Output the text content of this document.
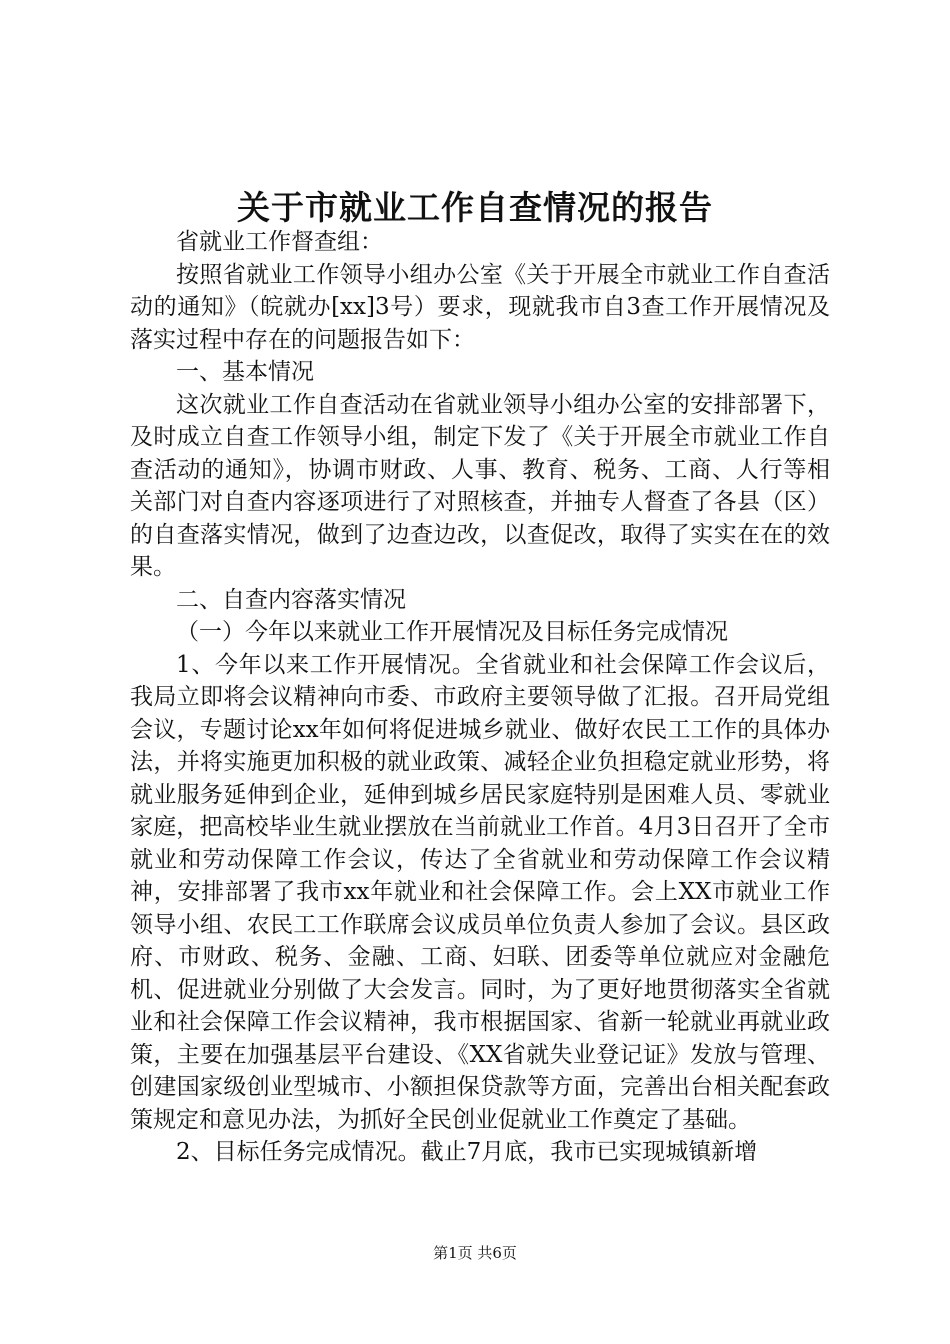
关于市就业工作自查情况的报告

省就业工作督查组：

按照省就业工作领导小组办公室《关于开展全市就业工作自查活动的通知》（皖就办[xx]3号）要求，现就我市自3查工作开展情况及落实过程中存在的问题报告如下：

一、基本情况

这次就业工作自查活动在省就业领导小组办公室的安排部署下，及时成立自查工作领导小组，制定下发了《关于开展全市就业工作自查活动的通知》，协调市财政、人事、教育、税务、工商、人行等相关部门对自查内容逐项进行了对照核查，并抽专人督查了各县（区）的自查落实情况，做到了边查边改，以查促改，取得了实实在在的效果。

二、自查内容落实情况

（一）今年以来就业工作开展情况及目标任务完成情况

1、今年以来工作开展情况。全省就业和社会保障工作会议后，我局立即将会议精神向市委、市政府主要领导做了汇报。召开局党组会议，专题讨论xx年如何将促进城乡就业、做好农民工工作的具体办法，并将实施更加积极的就业政策、减轻企业负担稳定就业形势，将就业服务延伸到企业，延伸到城乡居民家庭特别是困难人员、零就业家庭，把高校毕业生就业摆放在当前就业工作首。4月3日召开了全市就业和劳动保障工作会议，传达了全省就业和劳动保障工作会议精神，安排部署了我市xx年就业和社会保障工作。会上XX市就业工作领导小组、农民工工作联席会议成员单位负责人参加了会议。县区政府、市财政、税务、金融、工商、妇联、团委等单位就应对金融危机、促进就业分别做了大会发言。同时，为了更好地贯彻落实全省就业和社会保障工作会议精神，我市根据国家、省新一轮就业再就业政策，主要在加强基层平台建设、《XX省就失业登记证》发放与管理、创建国家级创业型城市、小额担保贷款等方面，完善出台相关配套政策规定和意见办法，为抓好全民创业促就业工作奠定了基础。

2、目标任务完成情况。截止7月底，我市已实现城镇新增

第1页 共6页
